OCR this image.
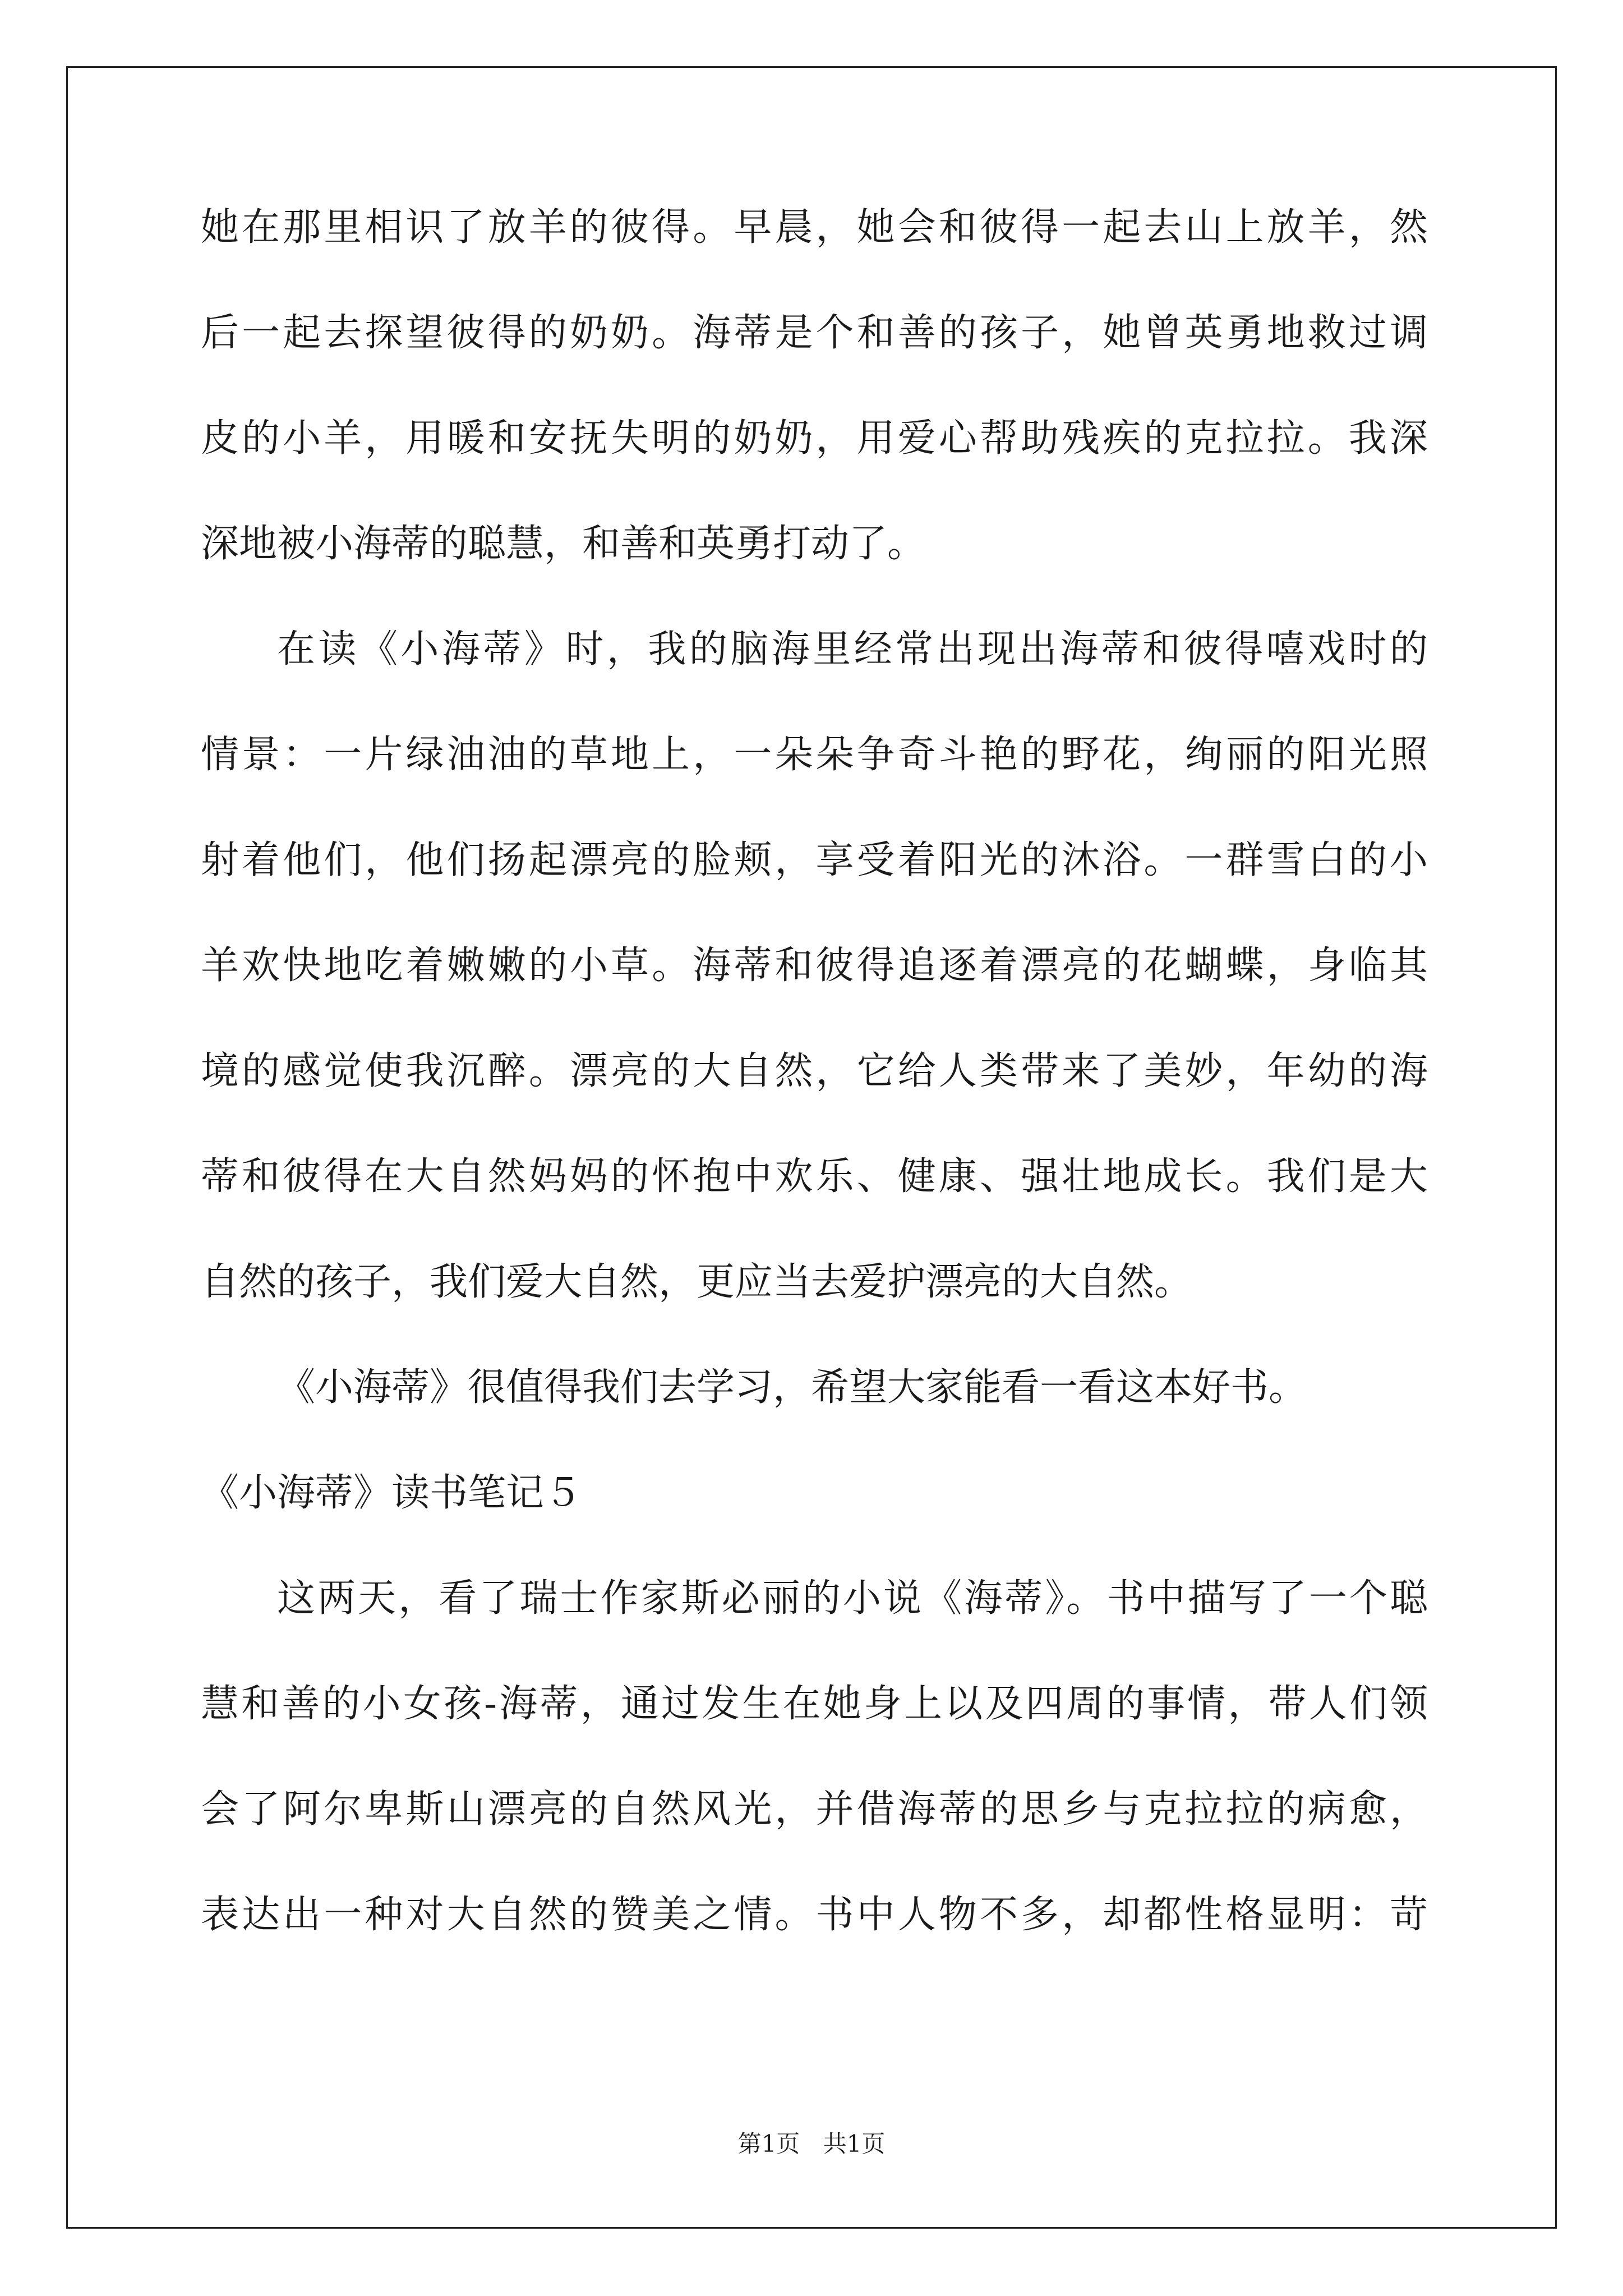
她在那里相识了放羊的彼得。早晨，她会和彼得一起去山上放羊，然
后一起去探望彼得的奶奶。海蒂是个和善的孩子，她曾英勇地救过调
皮的小羊，用暖和安抚失明的奶奶，用爱心帮助残疾的克拉拉。我深
深地被小海蒂的聪慧，和善和英勇打动了。
在读《小海蒂》时，我的脑海里经常出现出海蒂和彼得嘻戏时的
情景：一片绿油油的草地上，一朵朵争奇斗艳的野花，绚丽的阳光照
射着他们，他们扬起漂亮的脸颊，享受着阳光的沐浴。一群雪白的小
羊欢快地吃着嫩嫩的小草。海蒂和彼得追逐着漂亮的花蝴蝶，身临其
境的感觉使我沉醉。漂亮的大自然，它给人类带来了美妙，年幼的海
蒂和彼得在大自然妈妈的怀抱中欢乐、健康、强壮地成长。我们是大
自然的孩子，我们爱大自然，更应当去爱护漂亮的大自然。
《小海蒂》很值得我们去学习，希望大家能看一看这本好书。
《小海蒂》读书笔记５
这两天，看了瑞士作家斯必丽的小说《海蒂》。书中描写了一个聪
慧和善的小女孩-海蒂，通过发生在她身上以及四周的事情，带人们领
会了阿尔卑斯山漂亮的自然风光，并借海蒂的思乡与克拉拉的病愈，
表达出一种对大自然的赞美之情。书中人物不多，却都性格显明：苛
第1页 共1页
